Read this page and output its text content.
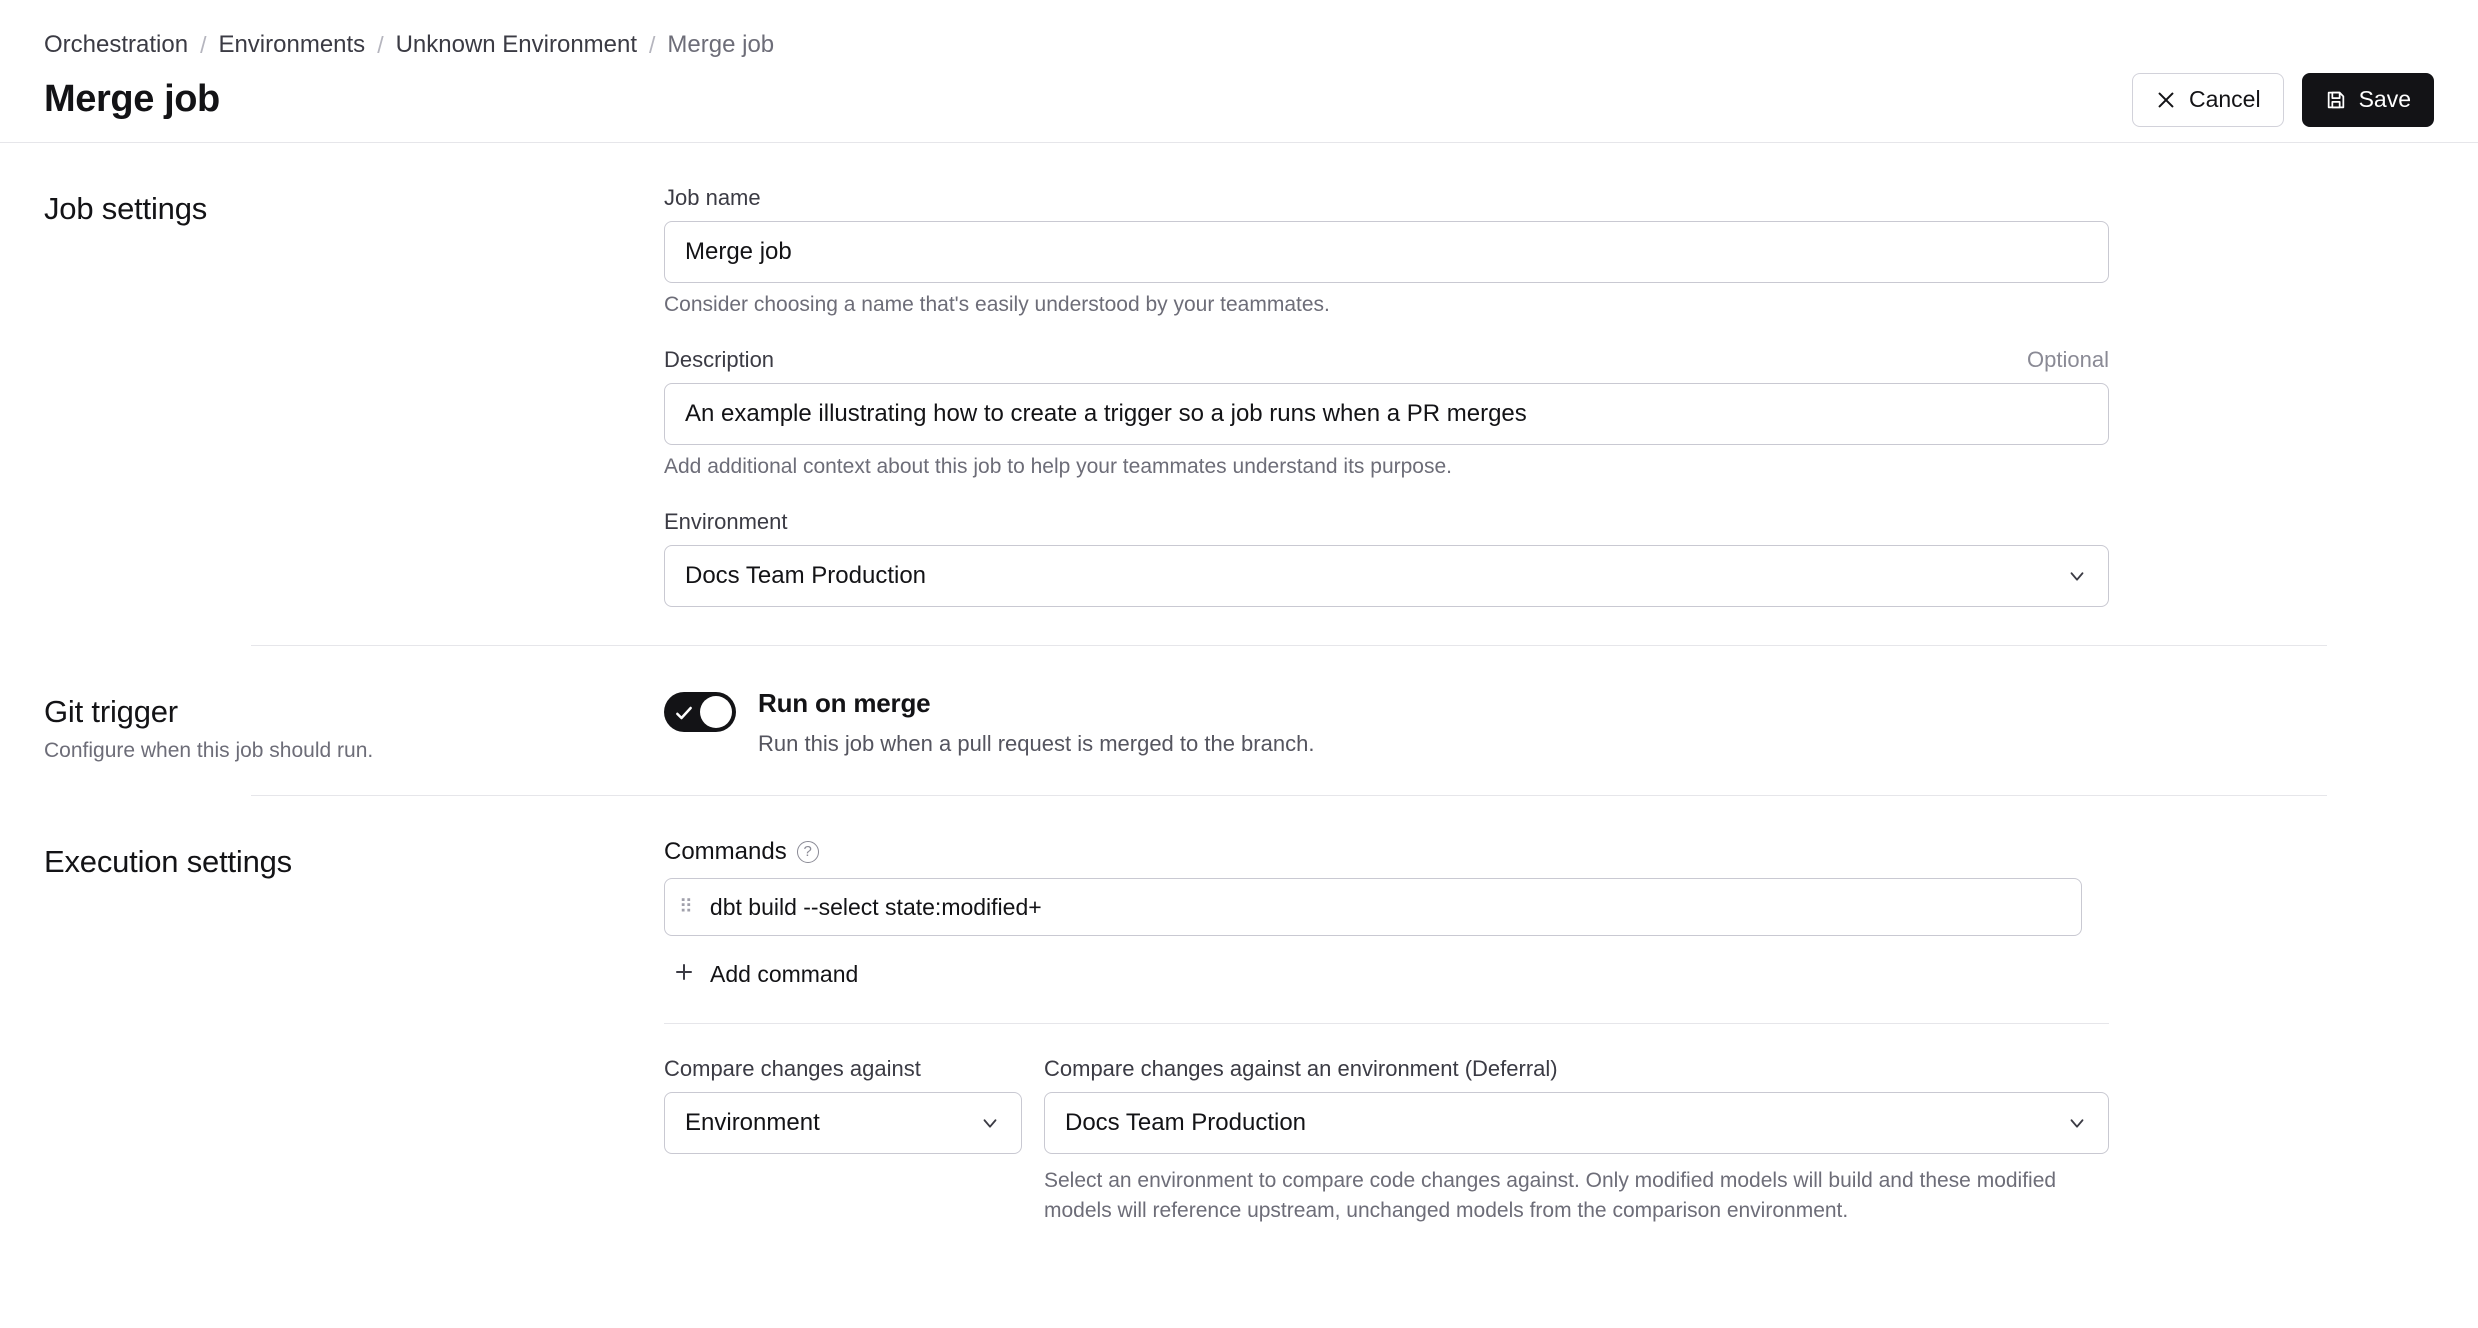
Orchestration / Environments / Unknown Environment / Merge job
Merge job	Cancel	Save
Job settings	Job name
Merge job
Consider choosing a name that's easily understood by your teammates.
Description	Optional
An example illustrating how to create a trigger so a job runs when a PR merges
Add additional context about this job to help your teammates understand its purpose.
Environment
Docs Team Production
Git trigger

Configure when this job should run.

Run on merge
Run this job when a pull request is merged to the branch.
Execution settings	Commands	?
⠿ dbt build --select state:modified+
Add command
Compare changes against
Environment
Compare changes against an environment (Deferral)
Docs Team Production
Select an environment to compare code changes against. Only modified models will build and these modified models will reference upstream, unchanged models from the comparison environment.
